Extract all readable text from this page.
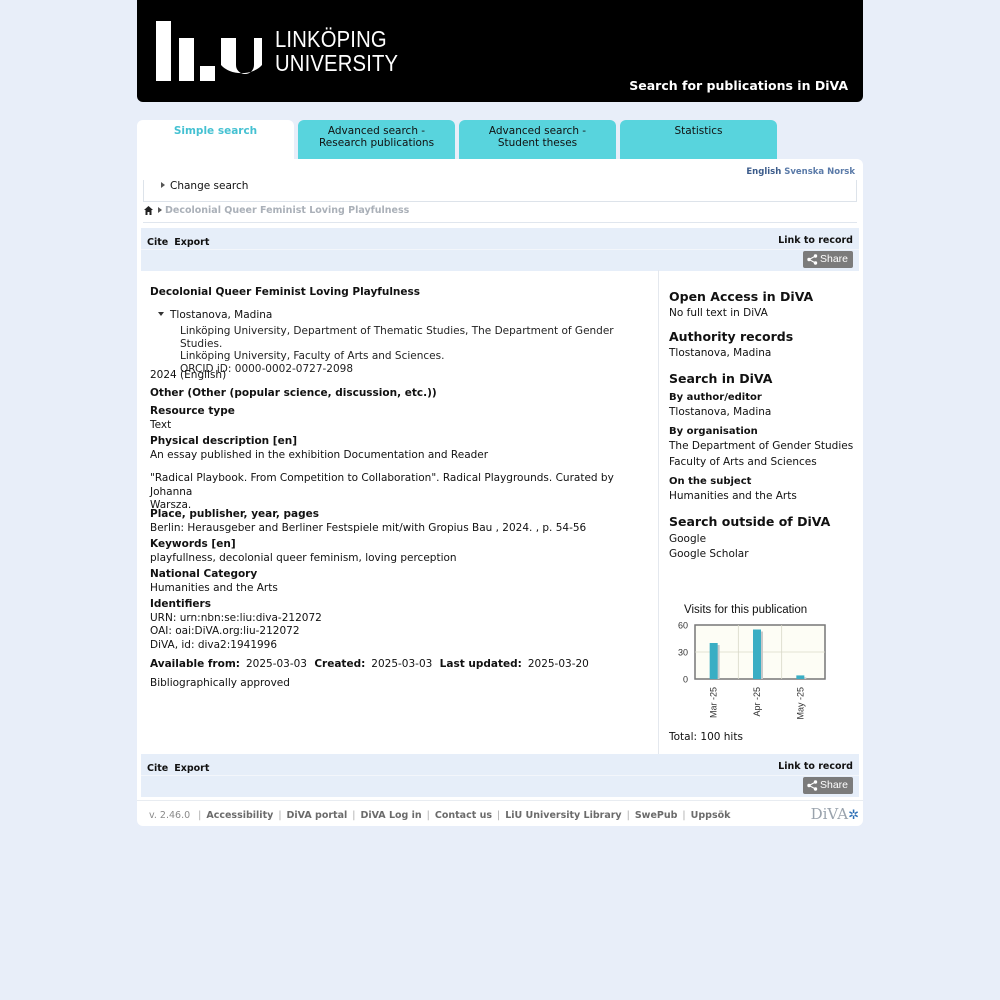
LINKÖPING
UNIVERSITY
Search for publications in DiVA
Simple search	Advanced search -
Research publications
Advanced search -
Student theses
Statistics
English Svenska Norsk
Change search
Decolonial Queer Feminist Loving Playfulness
Cite Export	Link to record
Share
Decolonial Queer Feminist Loving Playfulness
Tlostanova, Madina
Linköping University, Department of Thematic Studies, The Department of Gender Studies.
Linköping University, Faculty of Arts and Sciences.
ORCID iD: 0000-0002-0727-2098
2024 (English)
Other (Other (popular science, discussion, etc.))
Resource type
Text
Physical description [en]
An essay published in the exhibition Documentation and Reader
"Radical Playbook. From Competition to Collaboration". Radical Playgrounds. Curated by Johanna
Warsza.
Place, publisher, year, pages
Berlin: Herausgeber and Berliner Festspiele mit/with Gropius Bau , 2024. , p. 54-56
Keywords [en]
playfullness, decolonial queer feminism, loving perception
National Category
Humanities and the Arts
Identifiers
URN: urn:nbn:se:liu:diva-212072
OAI: oai:DiVA.org:liu-212072
DiVA, id: diva2:1941996
Available from: 2025-03-03 Created: 2025-03-03 Last updated: 2025-03-20
Bibliographically approved
Open Access in DiVA
No full text in DiVA
Authority records
Tlostanova, Madina
Search in DiVA
By author/editor
Tlostanova, Madina
By organisation
The Department of Gender Studies
Faculty of Arts and Sciences
On the subject
Humanities and the Arts
Search outside of DiVA
Google
Google Scholar
Visits for this publication
0
30
60
Mar -25	Apr -25	May -25
Total: 100 hits
Cite Export	Link to record
Share
v. 2.46.0 | Accessibility | DiVA portal | DiVA Log in | Contact us | LiU University Library | SwePub | Uppsök	DiVA✲
